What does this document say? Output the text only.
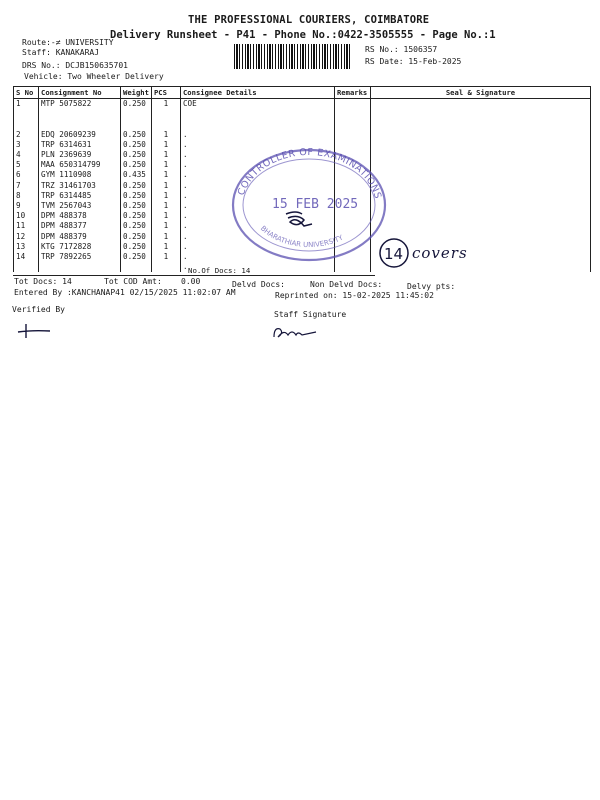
THE PROFESSIONAL COURIERS, COIMBATORE
Delivery Runsheet - P41 - Phone No.:0422-3505555 - Page No.:1
Route:-≠ UNIVERSITY
Staff: KANAKARAJ
DRS No.: DCJB150635701
Vehicle: Two Wheeler Delivery
RS No.: 1506357
RS Date: 15-Feb-2025
S No	Consignment No	Weight	PCS	Consignee Details	Remarks	Seal & Signature
1	MTP 5075822	0.250	1	COE		

2	EDQ 20609239	0.250	1	.		
3	TRP 6314631	0.250	1	.		
4	PLN 2369639	0.250	1	.		
5	MAA 650314799	0.250	1	.		
6	GYM 1110908	0.435	1	.		
7	TRZ 31461703	0.250	1	.		
8	TRP 6314485	0.250	1	.		
9	TVM 2567043	0.250	1	.		
10	DPM 488378	0.250	1	.		
11	DPM 488377	0.250	1	.		
12	DPM 488379	0.250	1	.		
13	KTG 7172828	0.250	1	.		
14	TRP 7892265	0.250	1	.		
				.		No.Of Docs: 14
Tot Docs: 14	Tot COD Amt: 0.00	Delvd Docs:	Non Delvd Docs:	Delvy pts:
Entered By :KANCHANAP41 02/15/2025 11:02:07 AM	Reprinted on: 15-02-2025 11:45:02
Verified By
Staff Signature
CONTROLLER OF EXAMINATIONS
BHARATHIAR UNIVERSITY
15 FEB 2025
14 covers
